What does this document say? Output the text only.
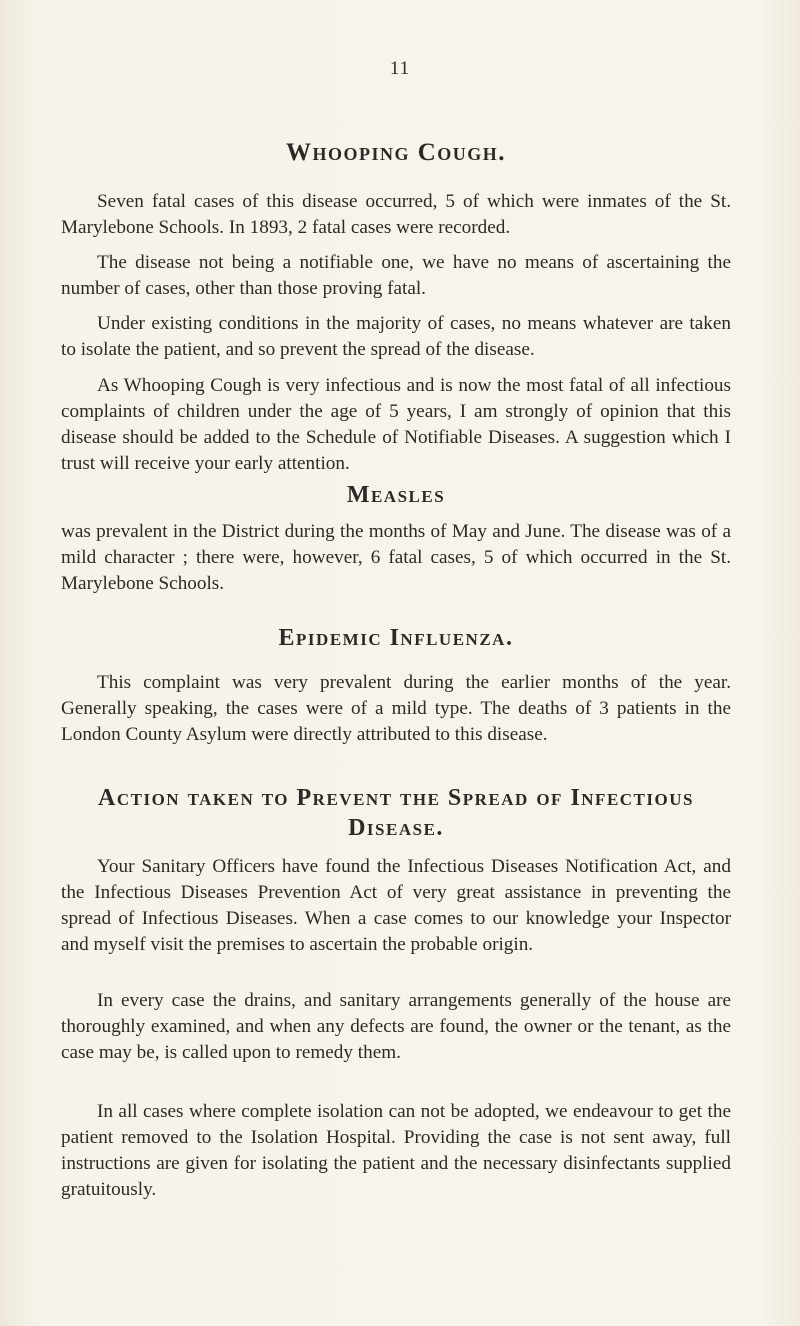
11
Whooping Cough.

Seven fatal cases of this disease occurred, 5 of which were inmates of the St. Marylebone Schools. In 1893, 2 fatal cases were recorded.

The disease not being a notifiable one, we have no means of ascertaining the number of cases, other than those proving fatal.

Under existing conditions in the majority of cases, no means whatever are taken to isolate the patient, and so prevent the spread of the disease.

As Whooping Cough is very infectious and is now the most fatal of all infectious complaints of children under the age of 5 years, I am strongly of opinion that this disease should be added to the Schedule of Notifiable Diseases. A suggestion which I trust will receive your early attention.

Measles

was prevalent in the District during the months of May and June. The disease was of a mild character ; there were, however, 6 fatal cases, 5 of which occurred in the St. Marylebone Schools.

Epidemic Influenza.

This complaint was very prevalent during the earlier months of the year. Generally speaking, the cases were of a mild type. The deaths of 3 patients in the London County Asylum were directly attributed to this disease.

Action taken to Prevent the Spread of Infectious Disease.

Your Sanitary Officers have found the Infectious Diseases Notification Act, and the Infectious Diseases Prevention Act of very great assistance in preventing the spread of Infectious Diseases. When a case comes to our knowledge your Inspector and myself visit the premises to ascertain the probable origin.

In every case the drains, and sanitary arrangements generally of the house are thoroughly examined, and when any defects are found, the owner or the tenant, as the case may be, is called upon to remedy them.

In all cases where complete isolation can not be adopted, we endeavour to get the patient removed to the Isolation Hospital. Providing the case is not sent away, full instructions are given for isolating the patient and the necessary disinfectants supplied gratuitously.
